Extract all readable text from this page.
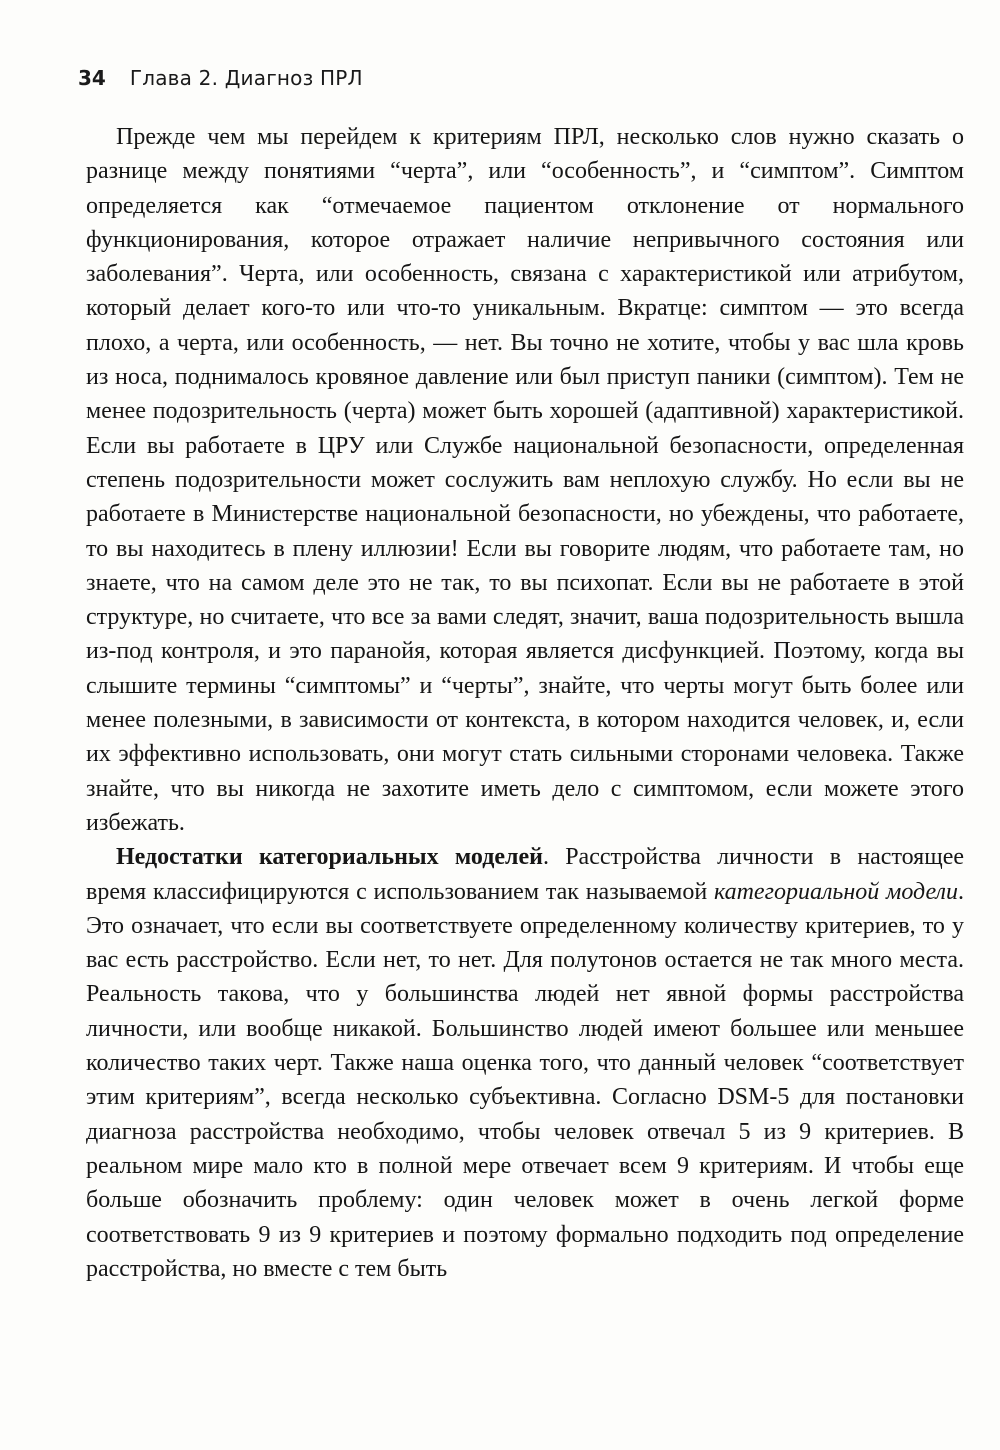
34 Глава 2. Диагноз ПРЛ

Прежде чем мы перейдем к критериям ПРЛ, несколько слов нужно сказать о разнице между понятиями “черта”, или “особенность”, и “симптом”. Симптом определяется как “отмечаемое пациентом отклонение от нормального функционирования, которое отражает наличие непривычного состояния или заболевания”. Черта, или особенность, связана с характеристикой или атрибутом, который делает кого-то или что-то уникальным. Вкратце: симптом — это всегда плохо, а черта, или особенность, — нет. Вы точно не хотите, чтобы у вас шла кровь из носа, поднималось кровяное давление или был приступ паники (симптом). Тем не менее подозрительность (черта) может быть хорошей (адаптивной) характеристикой. Если вы работаете в ЦРУ или Службе национальной безопасности, определенная степень подозрительности может сослужить вам неплохую службу. Но если вы не работаете в Министерстве национальной безопасности, но убеждены, что работаете, то вы находитесь в плену иллюзии! Если вы говорите людям, что работаете там, но знаете, что на самом деле это не так, то вы психопат. Если вы не работаете в этой структуре, но считаете, что все за вами следят, значит, ваша подозрительность вышла из-под контроля, и это паранойя, которая является дисфункцией. Поэтому, когда вы слышите термины “симптомы” и “черты”, знайте, что черты могут быть более или менее полезными, в зависимости от контекста, в котором находится человек, и, если их эффективно использовать, они могут стать сильными сторонами человека. Также знайте, что вы никогда не захотите иметь дело с симптомом, если можете этого избежать.

Недостатки категориальных моделей. Расстройства личности в настоящее время классифицируются с использованием так называемой категориальной модели. Это означает, что если вы соответствуете определенному количеству критериев, то у вас есть расстройство. Если нет, то нет. Для полутонов остается не так много места. Реальность такова, что у большинства людей нет явной формы расстройства личности, или вообще никакой. Большинство людей имеют большее или меньшее количество таких черт. Также наша оценка того, что данный человек “соответствует этим критериям”, всегда несколько субъективна. Согласно DSM-5 для постановки диагноза расстройства необходимо, чтобы человек отвечал 5 из 9 критериев. В реальном мире мало кто в полной мере отвечает всем 9 критериям. И чтобы еще больше обозначить проблему: один человек может в очень легкой форме соответствовать 9 из 9 критериев и поэтому формально подходить под определение расстройства, но вместе с тем быть
